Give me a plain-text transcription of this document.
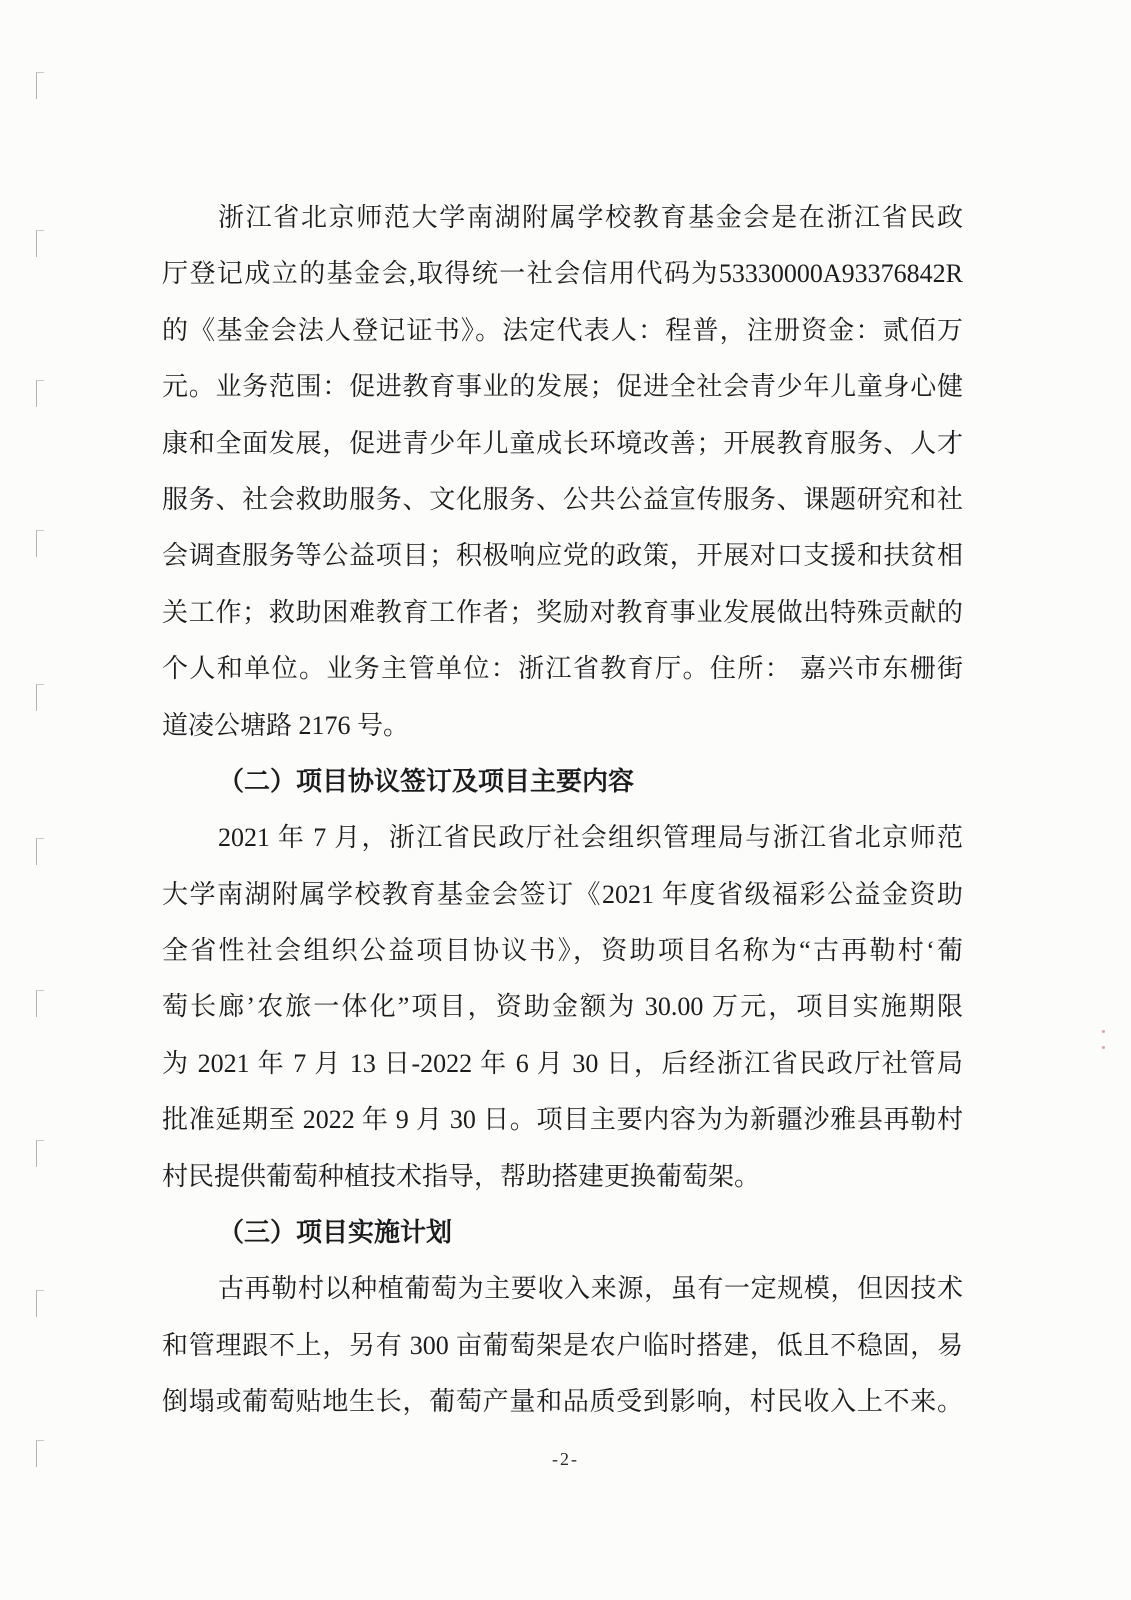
浙江省北京师范大学南湖附属学校教育基金会是在浙江省民政
厅登记成立的基金会,取得统一社会信用代码为53330000A93376842R
的《基金会法人登记证书》。法定代表人：程普，注册资金：贰佰万
元。业务范围：促进教育事业的发展；促进全社会青少年儿童身心健
康和全面发展，促进青少年儿童成长环境改善；开展教育服务、人才
服务、社会救助服务、文化服务、公共公益宣传服务、课题研究和社
会调查服务等公益项目；积极响应党的政策，开展对口支援和扶贫相
关工作；救助困难教育工作者；奖励对教育事业发展做出特殊贡献的
个人和单位。业务主管单位：浙江省教育厅。住所： 嘉兴市东栅街
道凌公塘路 2176 号。
（二）项目协议签订及项目主要内容
2021 年 7 月，浙江省民政厅社会组织管理局与浙江省北京师范
大学南湖附属学校教育基金会签订《2021 年度省级福彩公益金资助
全省性社会组织公益项目协议书》，资助项目名称为“古再勒村‘葡
萄长廊’农旅一体化”项目，资助金额为 30.00 万元，项目实施期限
为 2021 年 7 月 13 日-2022 年 6 月 30 日，后经浙江省民政厅社管局
批准延期至 2022 年 9 月 30 日。项目主要内容为为新疆沙雅县再勒村
村民提供葡萄种植技术指导，帮助搭建更换葡萄架。
（三）项目实施计划
古再勒村以种植葡萄为主要收入来源，虽有一定规模，但因技术
和管理跟不上，另有 300 亩葡萄架是农户临时搭建，低且不稳固，易
倒塌或葡萄贴地生长，葡萄产量和品质受到影响，村民收入上不来。
-2-
